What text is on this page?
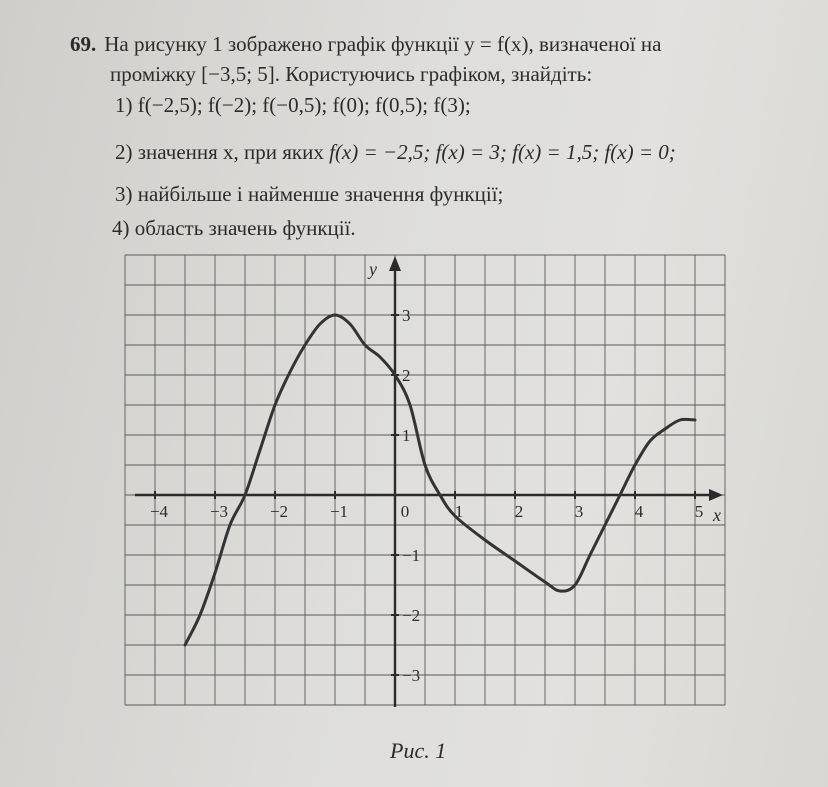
69. На рисунку 1 зображено графік функції y = f(x), визначеної на
проміжку [−3,5; 5]. Користуючись графіком, знайдіть:
1) f(−2,5); f(−2); f(−0,5); f(0); f(0,5); f(3);
2) значення x, при яких f(x) = −2,5; f(x) = 3; f(x) = 1,5; f(x) = 0;
3) найбільше і найменше значення функції;
4) область значень функції.
−4 −3 −2 −1	0	1	2	3	4	5
3
2
1
−1
−2
−3
x
y
Рис. 1
